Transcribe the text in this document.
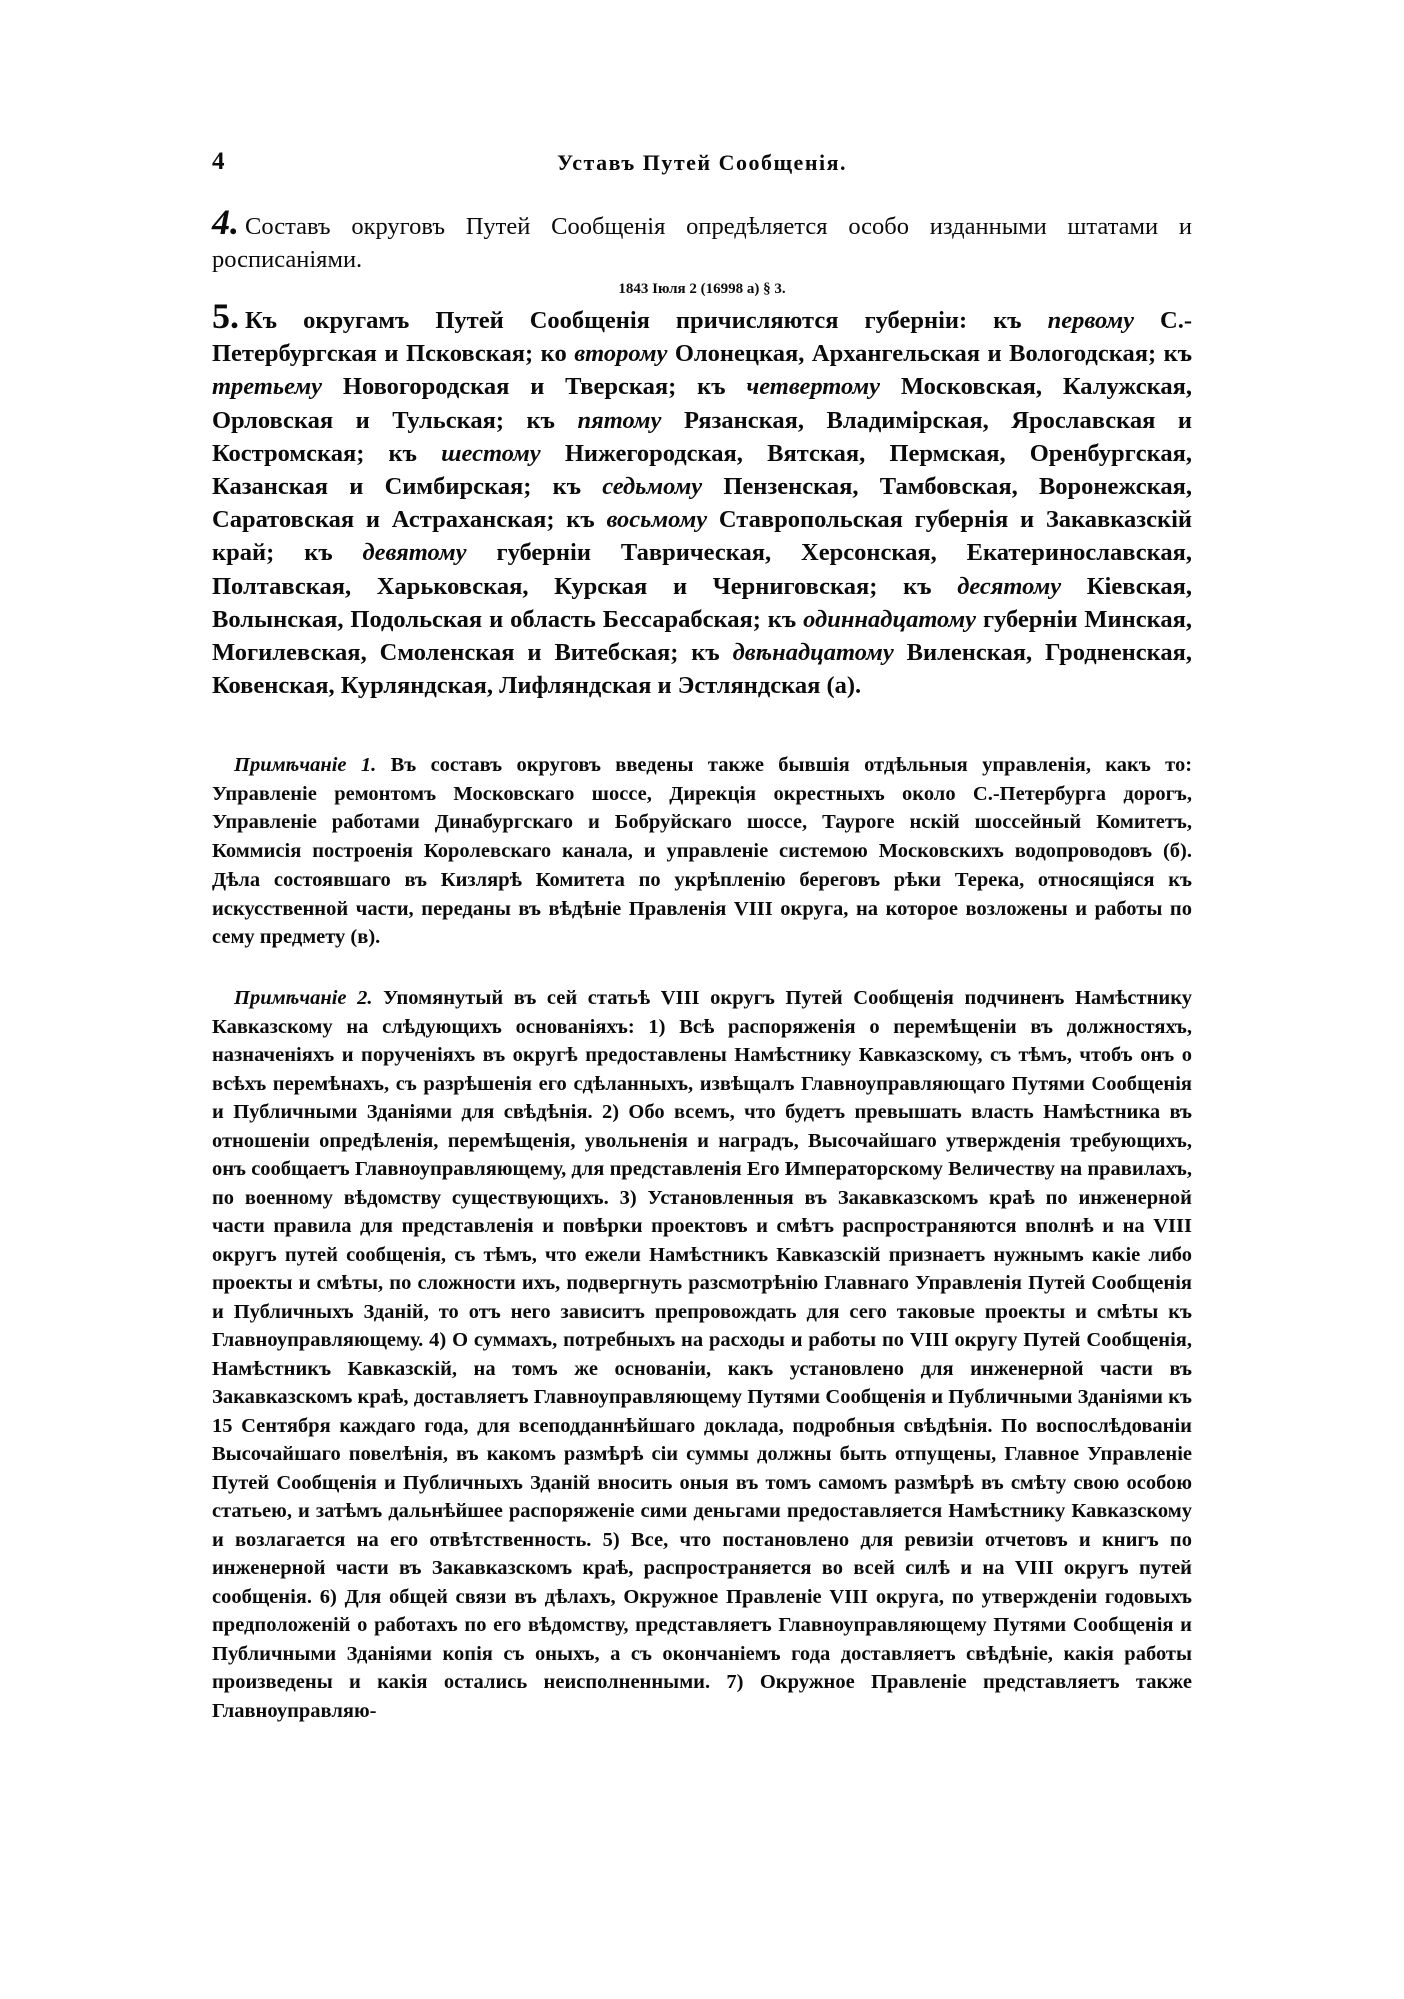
4	Уставъ Путей Сообщенія.
4. Составъ округовъ Путей Сообщенія опредѣляется особо изданными штатами и росписаніями.
1843 Іюля 2 (16998 а) § 3.
5. Къ округамъ Путей Сообщенія причисляются губерніи: къ первому С.-Петербургская и Псковская; ко второму Олонецкая, Архангельская и Вологодская; къ третьему Новогородская и Тверская; къ четвертому Московская, Калужская, Орловская и Тульская; къ пятому Рязанская, Владимірская, Ярославская и Костромская; къ шестому Нижегородская, Вятская, Пермская, Оренбургская, Казанская и Симбирская; къ седьмому Пензенская, Тамбовская, Воронежская, Саратовская и Астраханская; къ восьмому Ставропольская губернія и Закавказскій край; къ девятому губерніи Таврическая, Херсонская, Екатеринославская, Полтавская, Харьковская, Курская и Черниговская; къ десятому Кіевская, Волынская, Подольская и область Бессарабская; къ одиннадцатому губерніи Минская, Могилевская, Смоленская и Витебская; къ двѣнадцатому Виленская, Гродненская, Ковенская, Курляндская, Лифляндская и Эстляндская (а).
Примѣчаніе 1. Въ составъ округовъ введены также бывшія отдѣльныя управленія, какъ то: Управленіе ремонтомъ Московскаго шоссе, Дирекція окрестныхъ около С.-Петербурга дорогъ, Управленіе работами Динабургскаго и Бобруйскаго шоссе, Тауроге нскій шоссейный Комитетъ, Коммисія построенія Королевскаго канала, и управленіе системою Московскихъ водопроводовъ (б). Дѣла состоявшаго въ Кизлярѣ Комитета по укрѣпленію береговъ рѣки Терека, относящіяся къ искусственной части, переданы въ вѣдѣніе Правленія VIII округа, на которое возложены и работы по сему предмету (в).
Примѣчаніе 2. Упомянутый въ сей статьѣ VIII округъ Путей Сообщенія подчиненъ Намѣстнику Кавказскому на слѣдующихъ основаніяхъ: 1) Всѣ распоряженія о перемѣщеніи въ должностяхъ, назначеніяхъ и порученіяхъ въ округѣ предоставлены Намѣстнику Кавказскому, съ тѣмъ, чтобъ онъ о всѣхъ перемѣнахъ, съ разрѣшенія его сдѣланныхъ, извѣщалъ Главноуправляющаго Путями Сообщенія и Публичными Зданіями для свѣдѣнія. 2) Обо всемъ, что будетъ превышать власть Намѣстника въ отношеніи опредѣленія, перемѣщенія, увольненія и наградъ, Высочайшаго утвержденія требующихъ, онъ сообщаетъ Главноуправляющему, для представленія Его Императорскому Величеству на правилахъ, по военному вѣдомству существующихъ. 3) Установленныя въ Закавказскомъ краѣ по инженерной части правила для представленія и повѣрки проектовъ и смѣтъ распространяются вполнѣ и на VIII округъ путей сообщенія, съ тѣмъ, что ежели Намѣстникъ Кавказскій признаетъ нужнымъ какіе либо проекты и смѣты, по сложности ихъ, подвергнуть разсмотрѣнію Главнаго Управленія Путей Сообщенія и Публичныхъ Зданій, то отъ него зависитъ препровождать для сего таковые проекты и смѣты къ Главноуправляющему. 4) О суммахъ, потребныхъ на расходы и работы по VIII округу Путей Сообщенія, Намѣстникъ Кавказскій, на томъ же основаніи, какъ установлено для инженерной части въ Закавказскомъ краѣ, доставляетъ Главноуправляющему Путями Сообщенія и Публичными Зданіями къ 15 Сентября каждаго года, для всеподданнѣйшаго доклада, подробныя свѣдѣнія. По воспослѣдованіи Высочайшаго повелѣнія, въ какомъ размѣрѣ сіи суммы должны быть отпущены, Главное Управленіе Путей Сообщенія и Публичныхъ Зданій вносить оныя въ томъ самомъ размѣрѣ въ смѣту свою особою статьею, и затѣмъ дальнѣйшее распоряженіе сими деньгами предоставляется Намѣстнику Кавказскому и возлагается на его отвѣтственность. 5) Все, что постановлено для ревизіи отчетовъ и книгъ по инженерной части въ Закавказскомъ краѣ, распространяется во всей силѣ и на VIII округъ путей сообщенія. 6) Для общей связи въ дѣлахъ, Окружное Правленіе VIII округа, по утвержденіи годовыхъ предположеній о работахъ по его вѣдомству, представляетъ Главноуправляющему Путями Сообщенія и Публичными Зданіями копія съ оныхъ, а съ окончаніемъ года доставляетъ свѣдѣніе, какія работы произведены и какія остались неисполненными. 7) Окружное Правленіе представляетъ также Главноуправляю-
